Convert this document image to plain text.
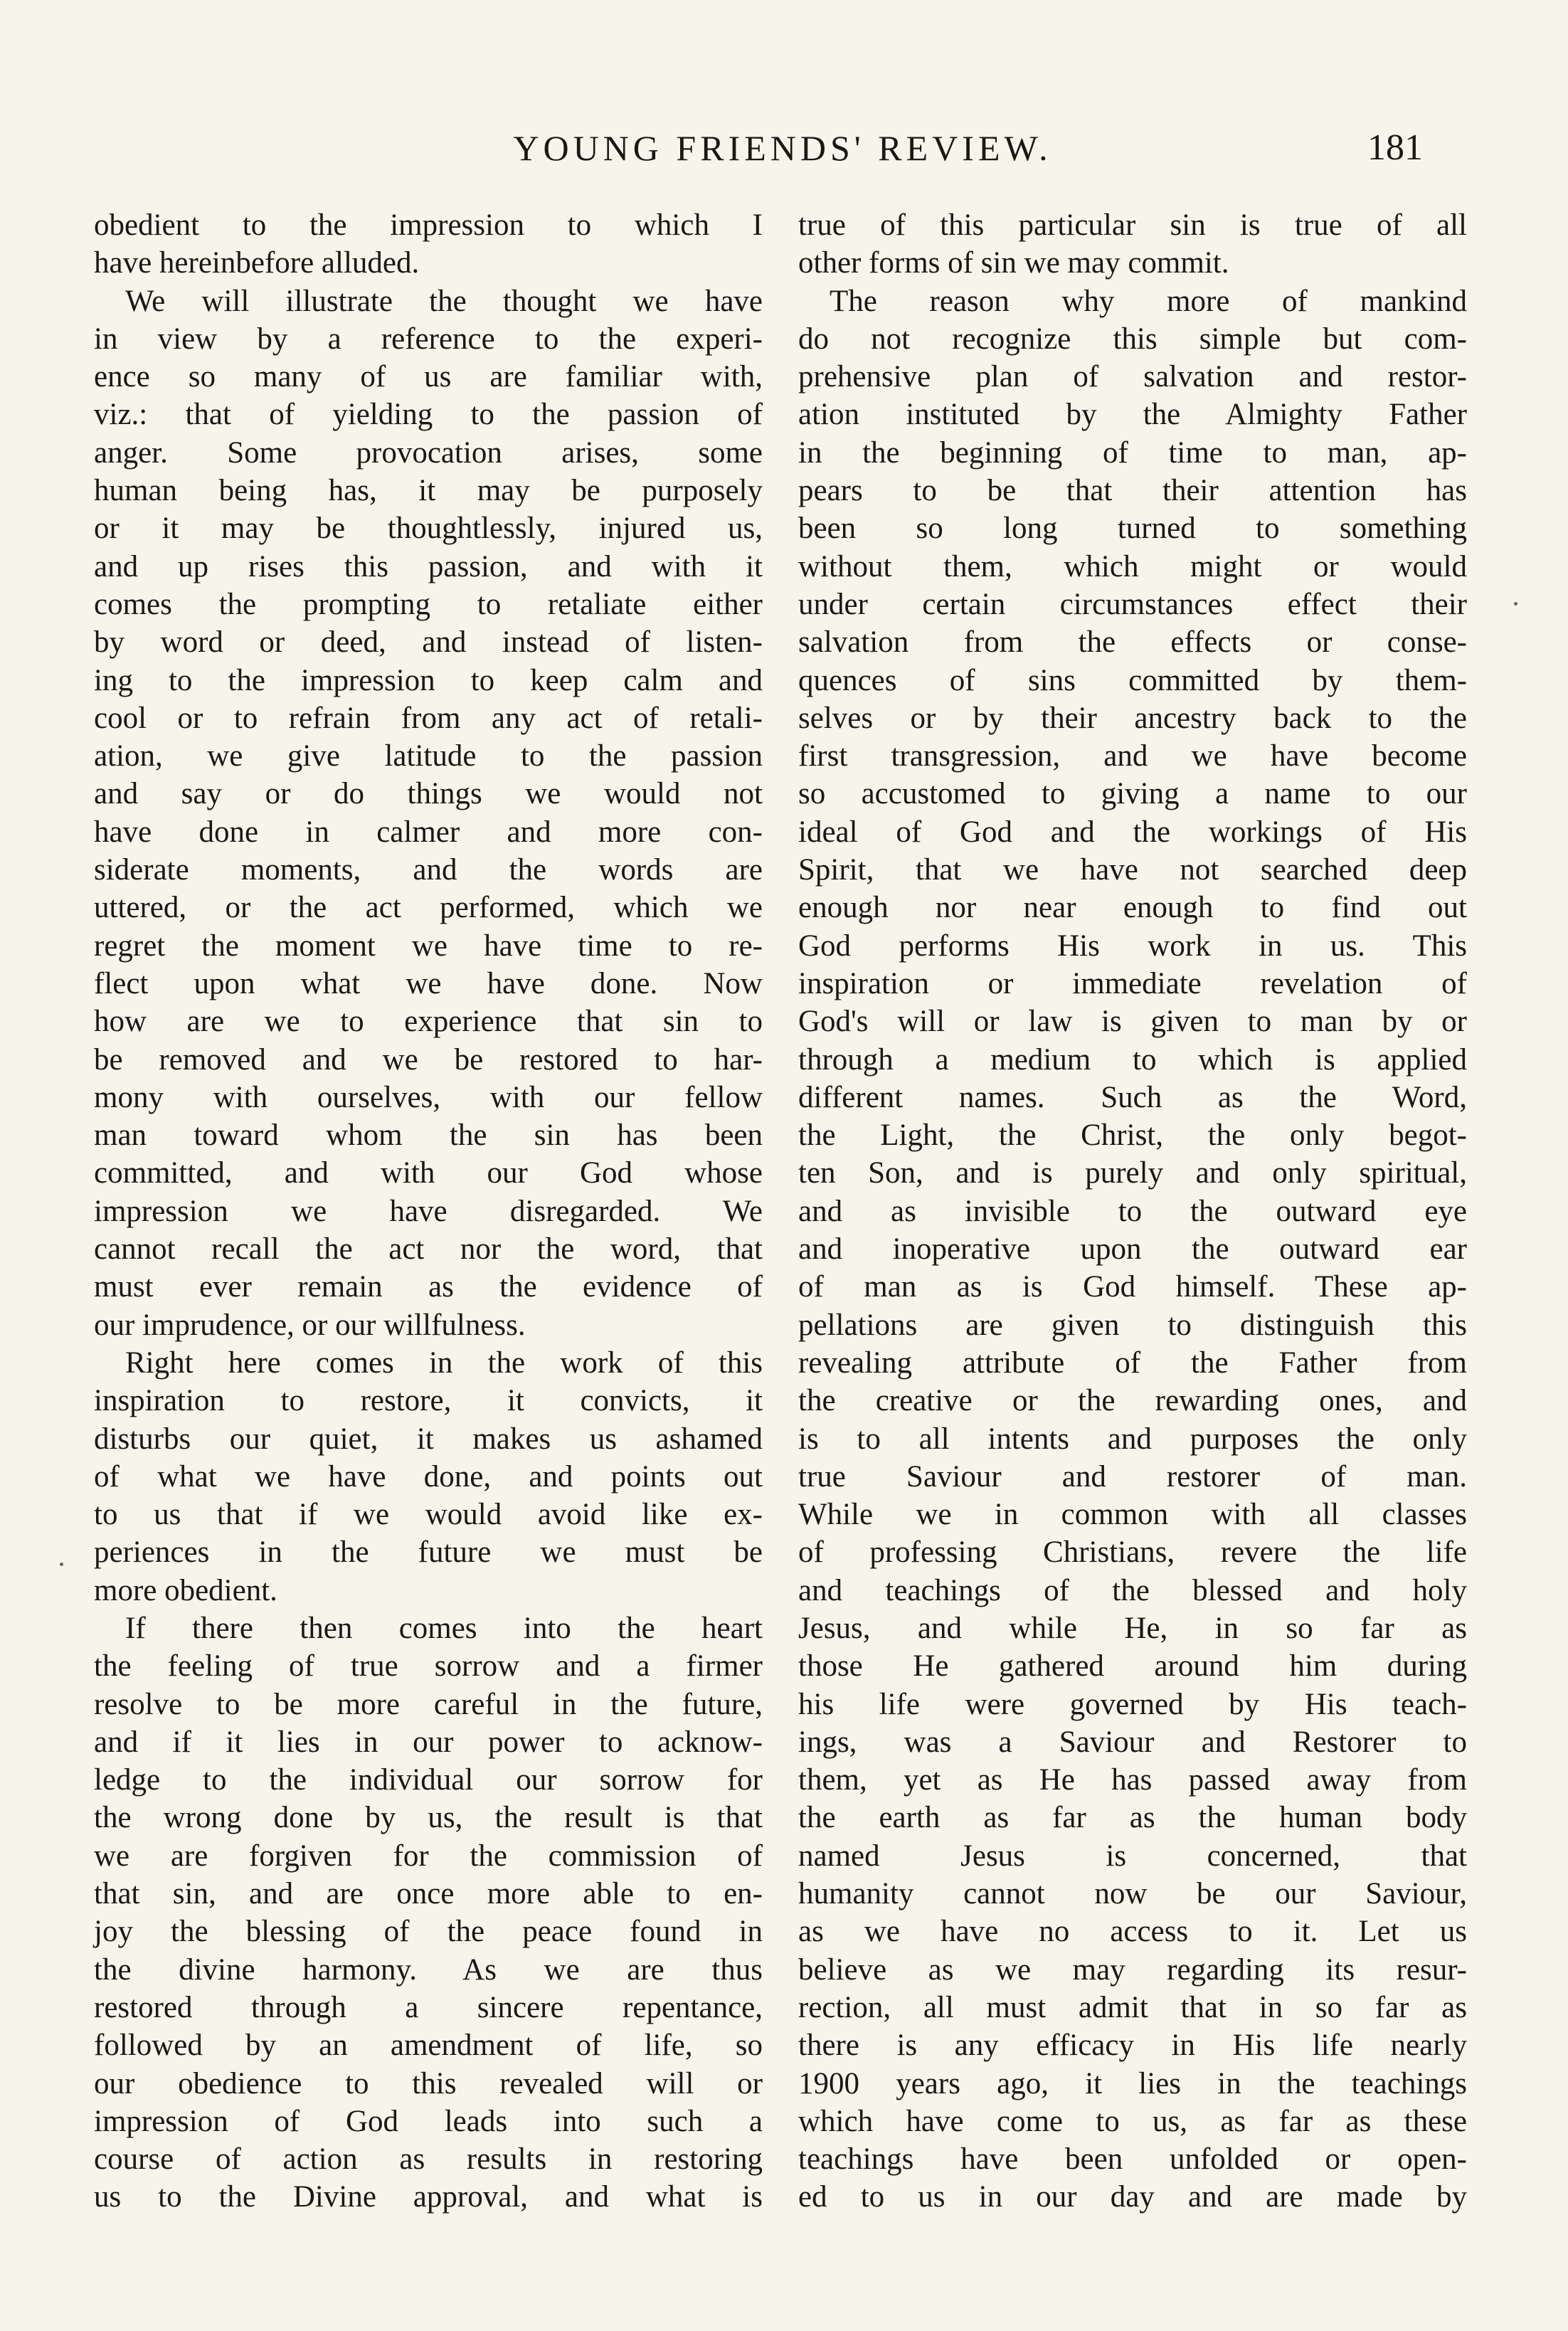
YOUNG FRIENDS' REVIEW.	181
obedient to the impression to which I
have hereinbefore alluded.
We will illustrate the thought we have
in view by a reference to the experi-
ence so many of us are familiar with,
viz.: that of yielding to the passion of
anger. Some provocation arises, some
human being has, it may be purposely
or it may be thoughtlessly, injured us,
and up rises this passion, and with it
comes the prompting to retaliate either
by word or deed, and instead of listen-
ing to the impression to keep calm and
cool or to refrain from any act of retali-
ation, we give latitude to the passion
and say or do things we would not
have done in calmer and more con-
siderate moments, and the words are
uttered, or the act performed, which we
regret the moment we have time to re-
flect upon what we have done. Now
how are we to experience that sin to
be removed and we be restored to har-
mony with ourselves, with our fellow
man toward whom the sin has been
committed, and with our God whose
impression we have disregarded. We
cannot recall the act nor the word, that
must ever remain as the evidence of
our imprudence, or our willfulness.
Right here comes in the work of this
inspiration to restore, it convicts, it
disturbs our quiet, it makes us ashamed
of what we have done, and points out
to us that if we would avoid like ex-
periences in the future we must be
more obedient.
If there then comes into the heart
the feeling of true sorrow and a firmer
resolve to be more careful in the future,
and if it lies in our power to acknow-
ledge to the individual our sorrow for
the wrong done by us, the result is that
we are forgiven for the commission of
that sin, and are once more able to en-
joy the blessing of the peace found in
the divine harmony. As we are thus
restored through a sincere repentance,
followed by an amendment of life, so
our obedience to this revealed will or
impression of God leads into such a
course of action as results in restoring
us to the Divine approval, and what is
true of this particular sin is true of all
other forms of sin we may commit.
The reason why more of mankind
do not recognize this simple but com-
prehensive plan of salvation and restor-
ation instituted by the Almighty Father
in the beginning of time to man, ap-
pears to be that their attention has
been so long turned to something
without them, which might or would
under certain circumstances effect their
salvation from the effects or conse-
quences of sins committed by them-
selves or by their ancestry back to the
first transgression, and we have become
so accustomed to giving a name to our
ideal of God and the workings of His
Spirit, that we have not searched deep
enough nor near enough to find out
God performs His work in us. This
inspiration or immediate revelation of
God's will or law is given to man by or
through a medium to which is applied
different names. Such as the Word,
the Light, the Christ, the only begot-
ten Son, and is purely and only spiritual,
and as invisible to the outward eye
and inoperative upon the outward ear
of man as is God himself. These ap-
pellations are given to distinguish this
revealing attribute of the Father from
the creative or the rewarding ones, and
is to all intents and purposes the only
true Saviour and restorer of man.
While we in common with all classes
of professing Christians, revere the life
and teachings of the blessed and holy
Jesus, and while He, in so far as
those He gathered around him during
his life were governed by His teach-
ings, was a Saviour and Restorer to
them, yet as He has passed away from
the earth as far as the human body
named Jesus is concerned, that
humanity cannot now be our Saviour,
as we have no access to it. Let us
believe as we may regarding its resur-
rection, all must admit that in so far as
there is any efficacy in His life nearly
1900 years ago, it lies in the teachings
which have come to us, as far as these
teachings have been unfolded or open-
ed to us in our day and are made by
